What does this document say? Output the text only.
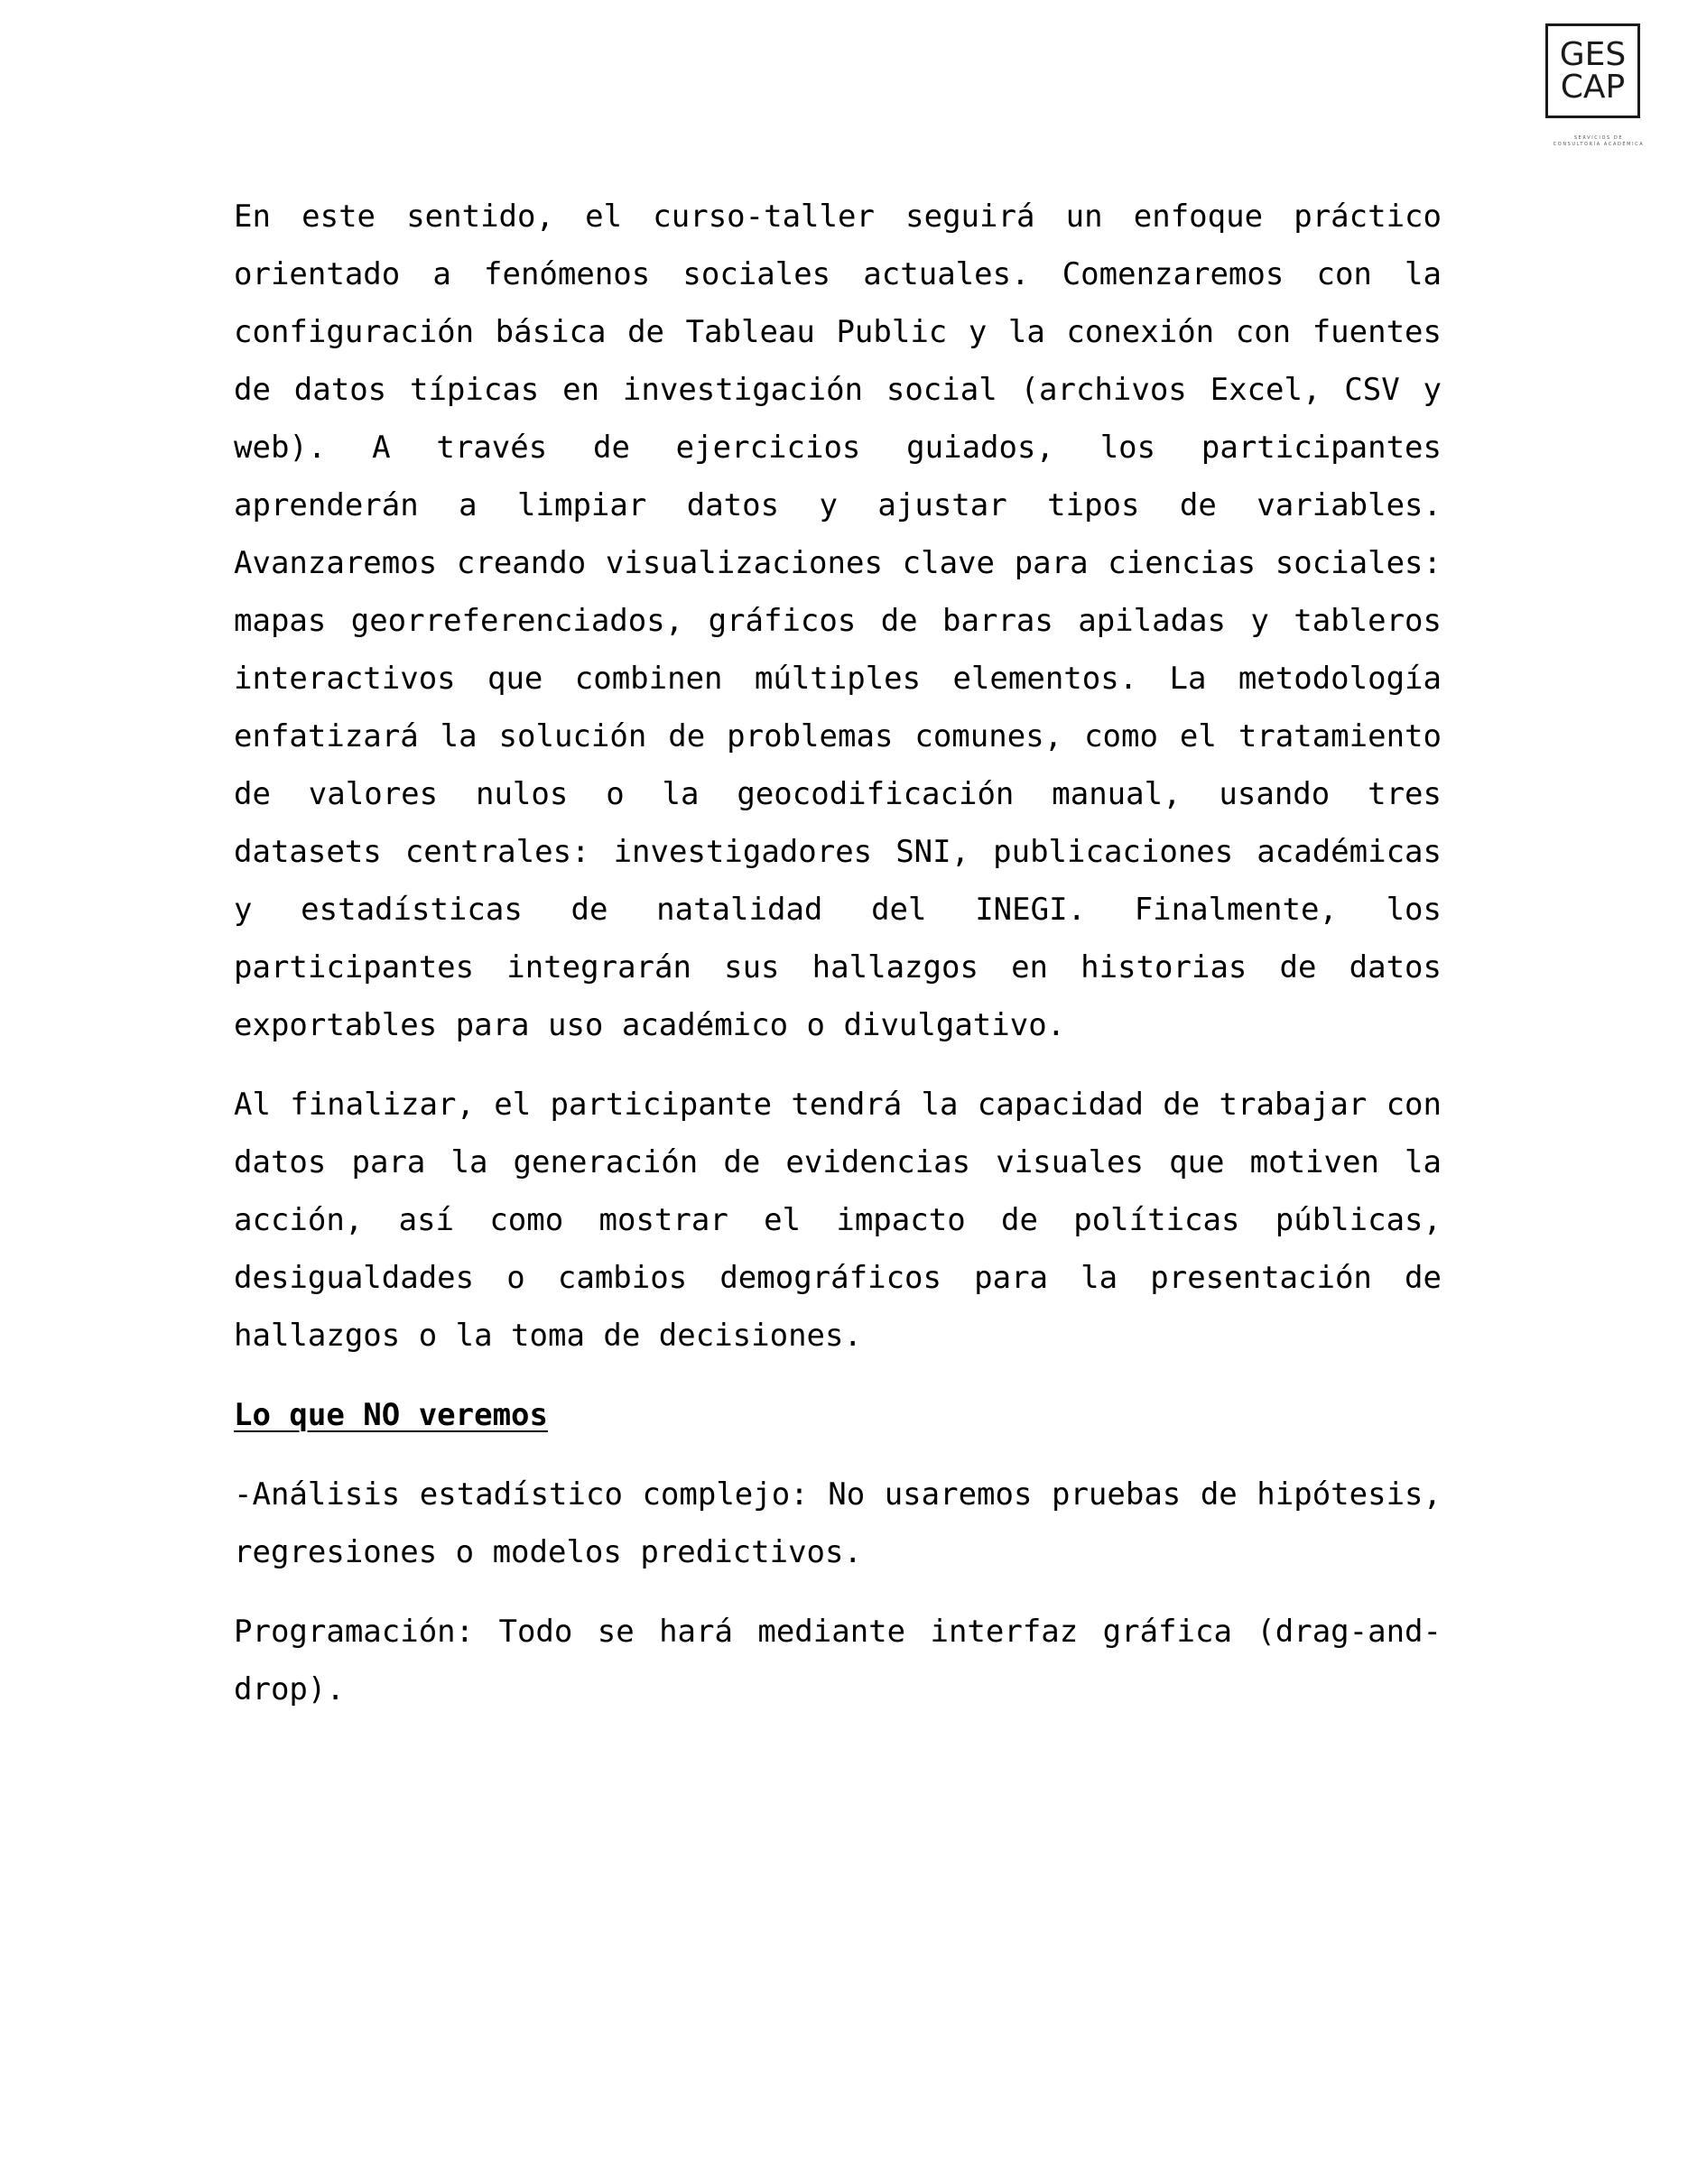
GES
CAP
SERVICIOS DE
CONSULTORÍA ACADÉMICA

En este sentido, el curso-taller seguirá un enfoque práctico orientado a fenómenos sociales actuales. Comenzaremos con la configuración básica de Tableau Public y la conexión con fuentes de datos típicas en investigación social (archivos Excel, CSV y web). A través de ejercicios guiados, los participantes aprenderán a limpiar datos y ajustar tipos de variables. Avanzaremos creando visualizaciones clave para ciencias sociales: mapas georreferenciados, gráficos de barras apiladas y tableros interactivos que combinen múltiples elementos. La metodología enfatizará la solución de problemas comunes, como el tratamiento de valores nulos o la geocodificación manual, usando tres datasets centrales: investigadores SNI, publicaciones académicas y estadísticas de natalidad del INEGI. Finalmente, los participantes integrarán sus hallazgos en historias de datos exportables para uso académico o divulgativo.

Al finalizar, el participante tendrá la capacidad de trabajar con datos para la generación de evidencias visuales que motiven la acción, así como mostrar el impacto de políticas públicas, desigualdades o cambios demográficos para la presentación de hallazgos o la toma de decisiones.

Lo que NO veremos

-Análisis estadístico complejo: No usaremos pruebas de hipótesis, regresiones o modelos predictivos.

Programación: Todo se hará mediante interfaz gráfica (drag-and-drop).
